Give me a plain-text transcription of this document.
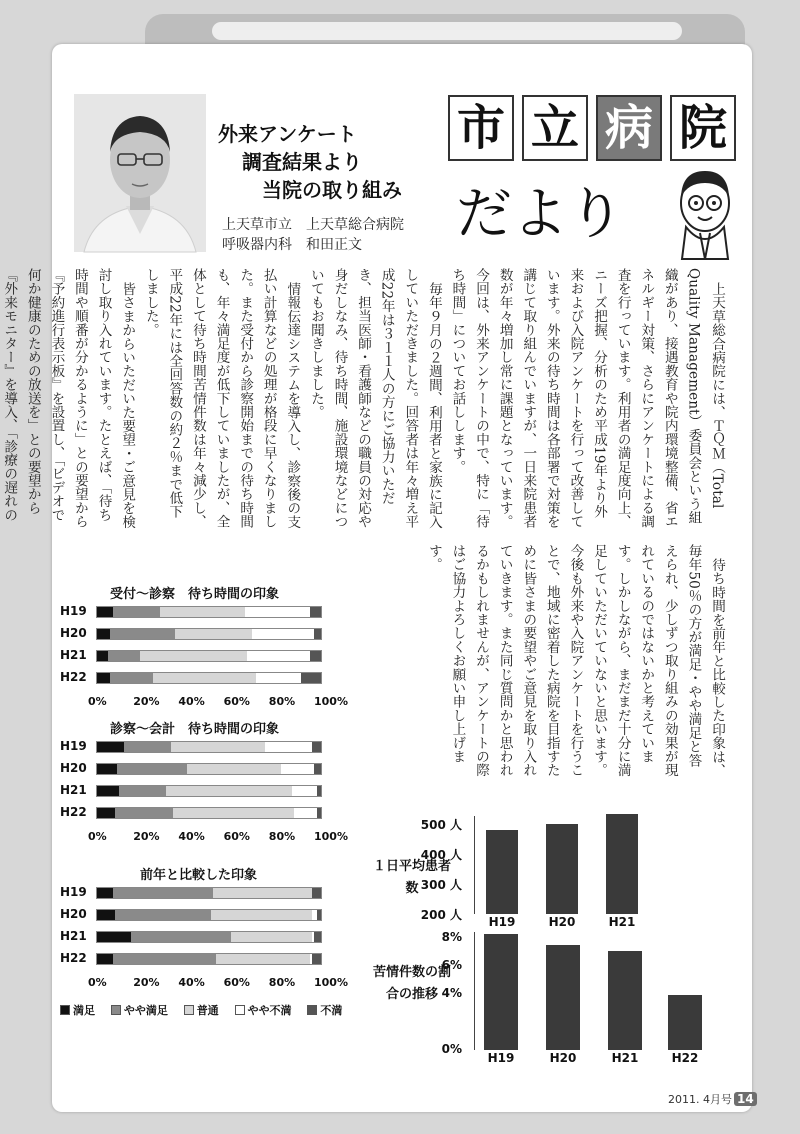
外来アンケート
調査結果より
当院の取り組み
上天草市立　上天草総合病院
呼吸器内科　和田正文
市 立 病 院
だより

上天草総合病院には、ＴＱＭ（Total Quality Management）委員会という組織があり、接遇教育や院内環境整備、省エネルギー対策、さらにアンケートによる調査を行っています。利用者の満足度向上、ニーズ把握、分析のため平成19年より外来および入院アンケートを行って改善しています。外来の待ち時間は各部署で対策を講じて取り組んでいますが、一日来院患者数が年々増加し常に課題となっています。今回は、外来アンケートの中で、特に「待ち時間」についてお話しします。

毎年９月の２週間、利用者と家族に記入していただきました。回答者は年々増え平成22年は３１１人の方にご協力いただき、担当医師・看護師などの職員の対応や身だしなみ、待ち時間、施設環境などについてもお聞きしました。

情報伝達システムを導入し、診察後の支払い計算などの処理が格段に早くなりました。また受付から診察開始までの待ち時間も、年々満足度が低下していましたが、全体として待ち時間苦情件数は年々減少し、平成22年には全回答数の約２％まで低下しました。

皆さまからいただいた要望・ご意見を検討し取り入れています。たとえば、「待ち時間や順番が分かるように」との要望から『予約進行表示板』を設置し、「ビデオで何か健康のための放送を」との要望から『外来モニター』を導入、「診療の遅れの

待ち時間を前年と比較した印象は、毎年50％の方が満足・やや満足と答えられ、少しずつ取り組みの効果が現れているのではないかと考えています。しかしながら、まだまだ十分に満足していただいていないと思います。今後も外来や入院アンケートを行うことで、地域に密着した病院を目指すために皆さまの要望やご意見を取り入れていきます。また同じ質問かと思われるかもしれませんが、アンケートの際はご協力よろしくお願い申し上げます。

受付～診察　待ち時間の印象
H19
H20
H21
H22
0% 20% 40% 60% 80% 100%
診察～会計　待ち時間の印象
H19
H20
H21
H22
0% 20% 40% 60% 80% 100%
前年と比較した印象
H19
H20
H21
H22
0% 20% 40% 60% 80% 100%
満足	やや満足	普通	やや不満	不満
１日平均患者数
苦情件数の割合の推移
500 人
400 人
300 人
200 人	H19	H20	H21
8%
6%
4%
0%
H19	H20	H21	H22
2011. 4月号 14
